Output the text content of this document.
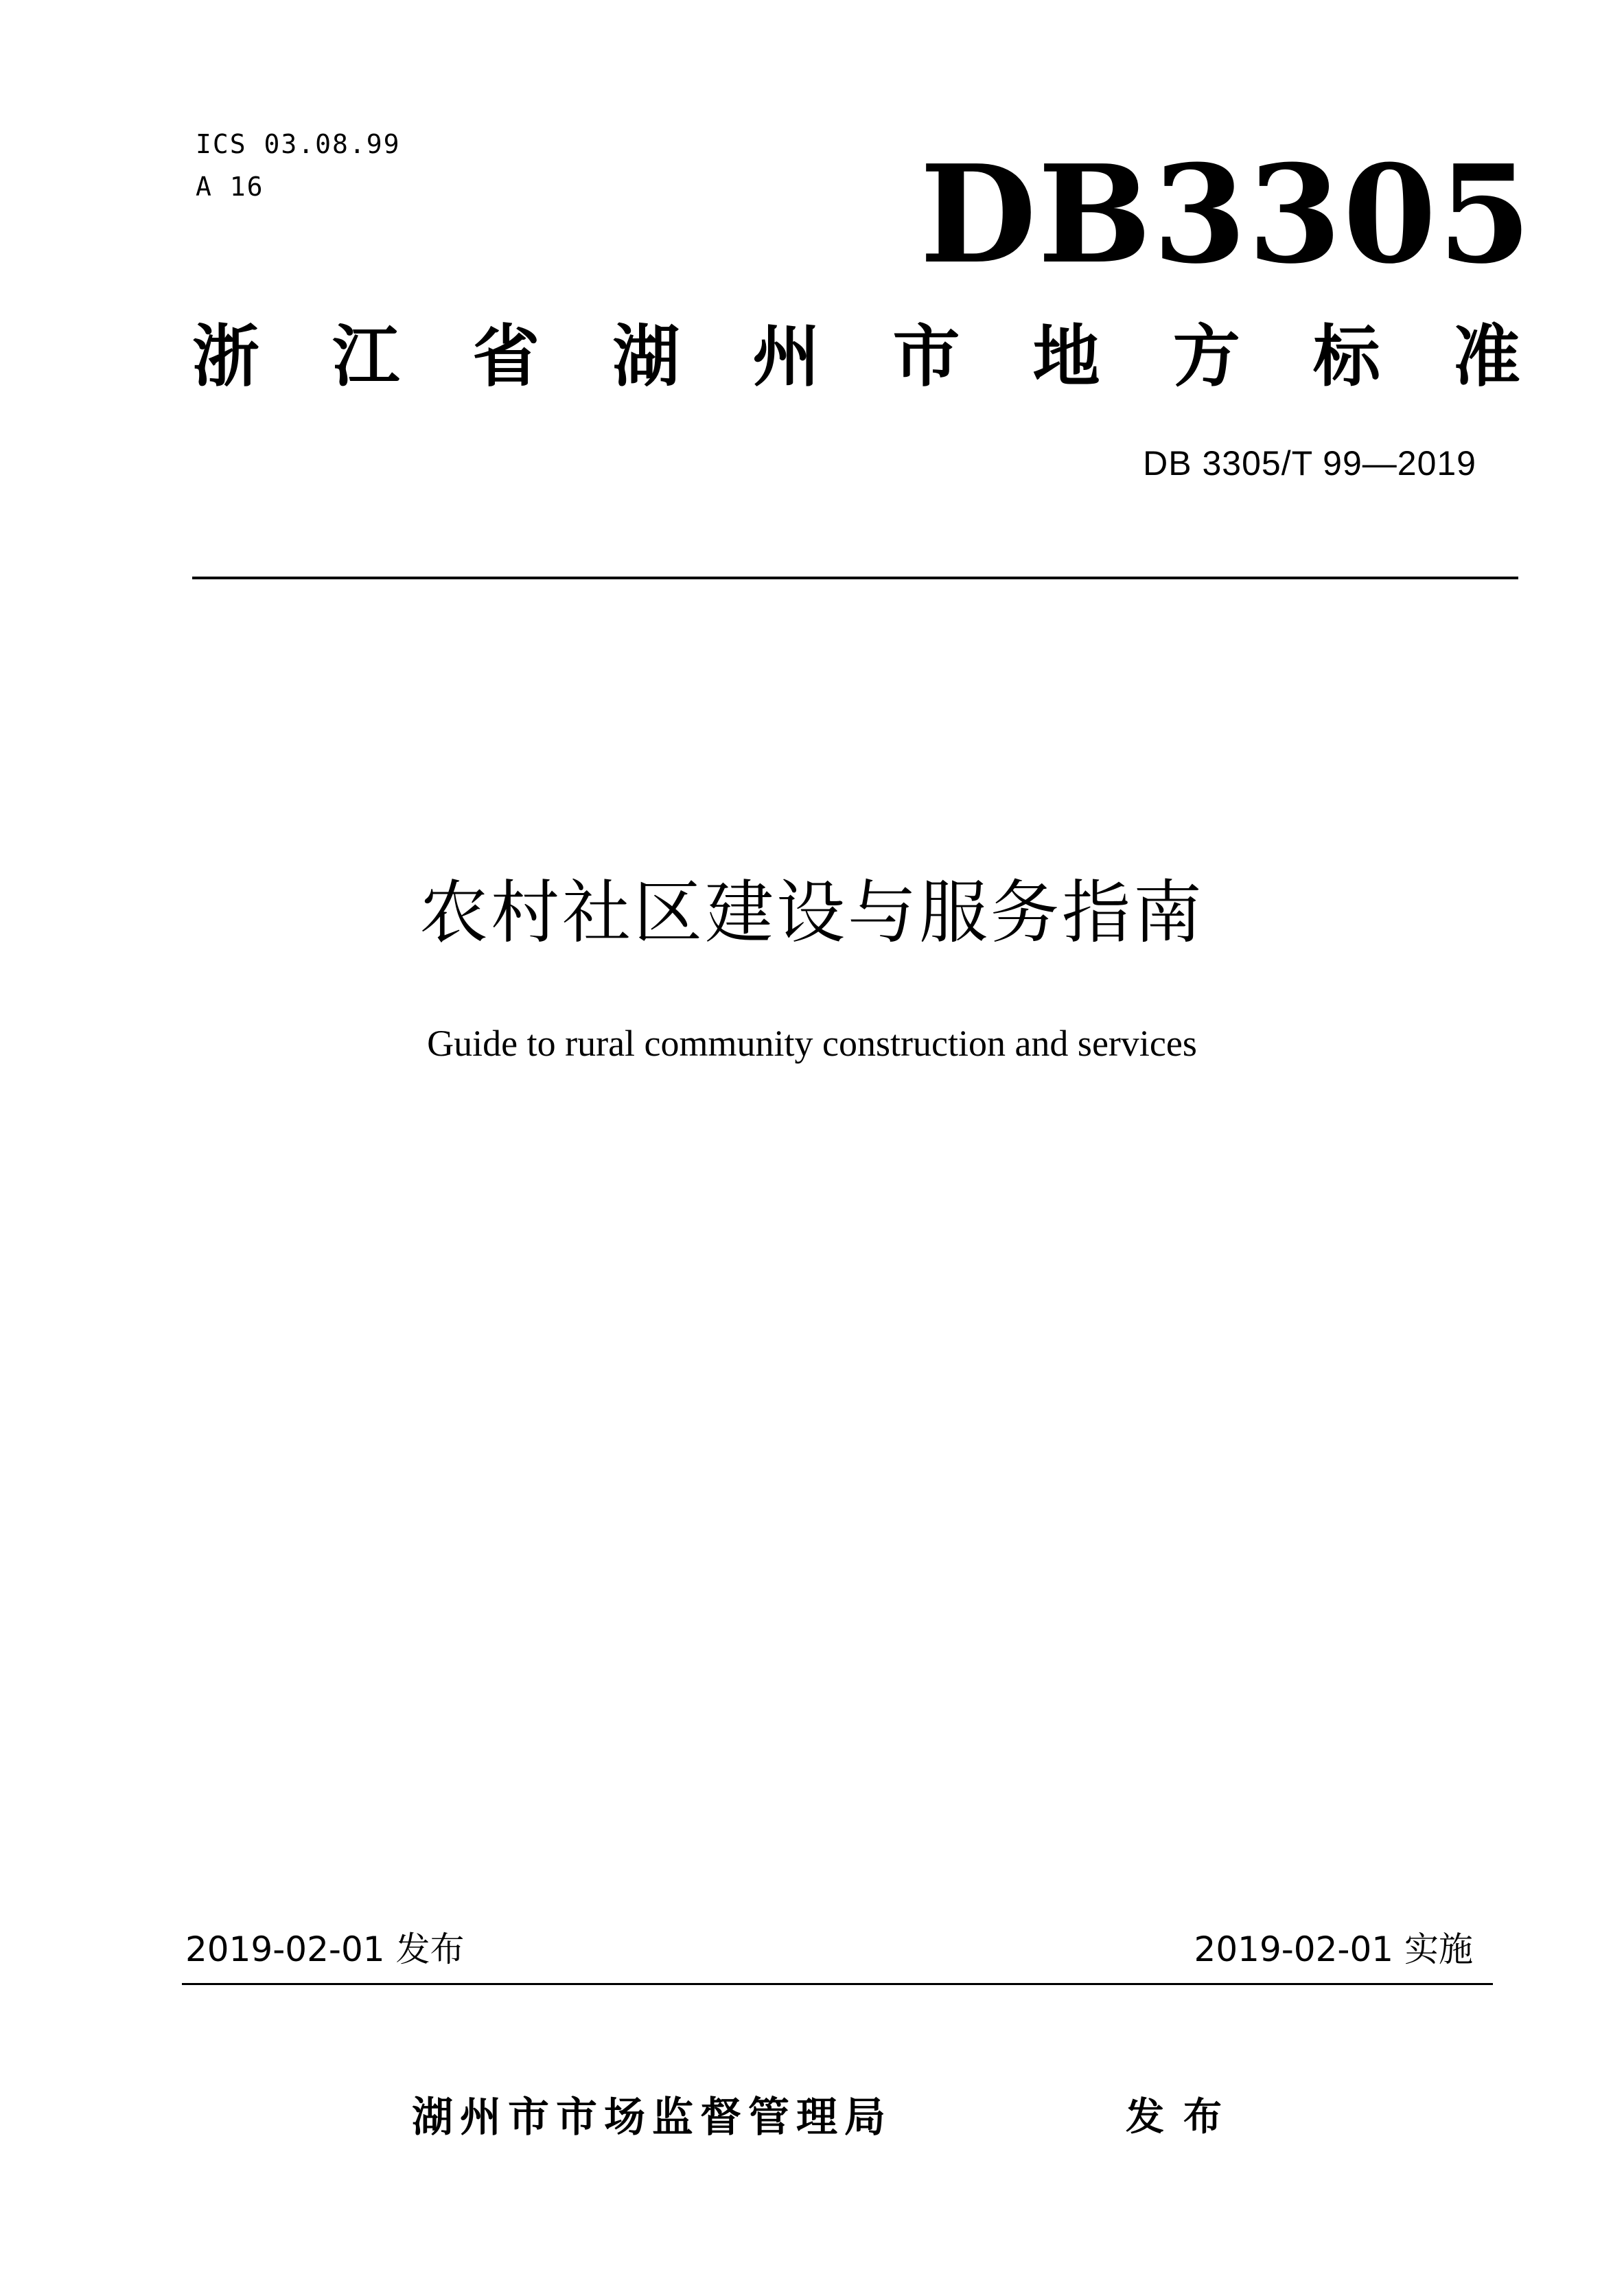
ICS 03.08.99
A 16	DB3305
浙 江 省 湖 州 市 地 方 标 准
DB 3305/T 99—2019
农村社区建设与服务指南
Guide to rural community construction and services
2019-02-01 发布	2019-02-01 实施
湖州市市场监督管理局	发布
